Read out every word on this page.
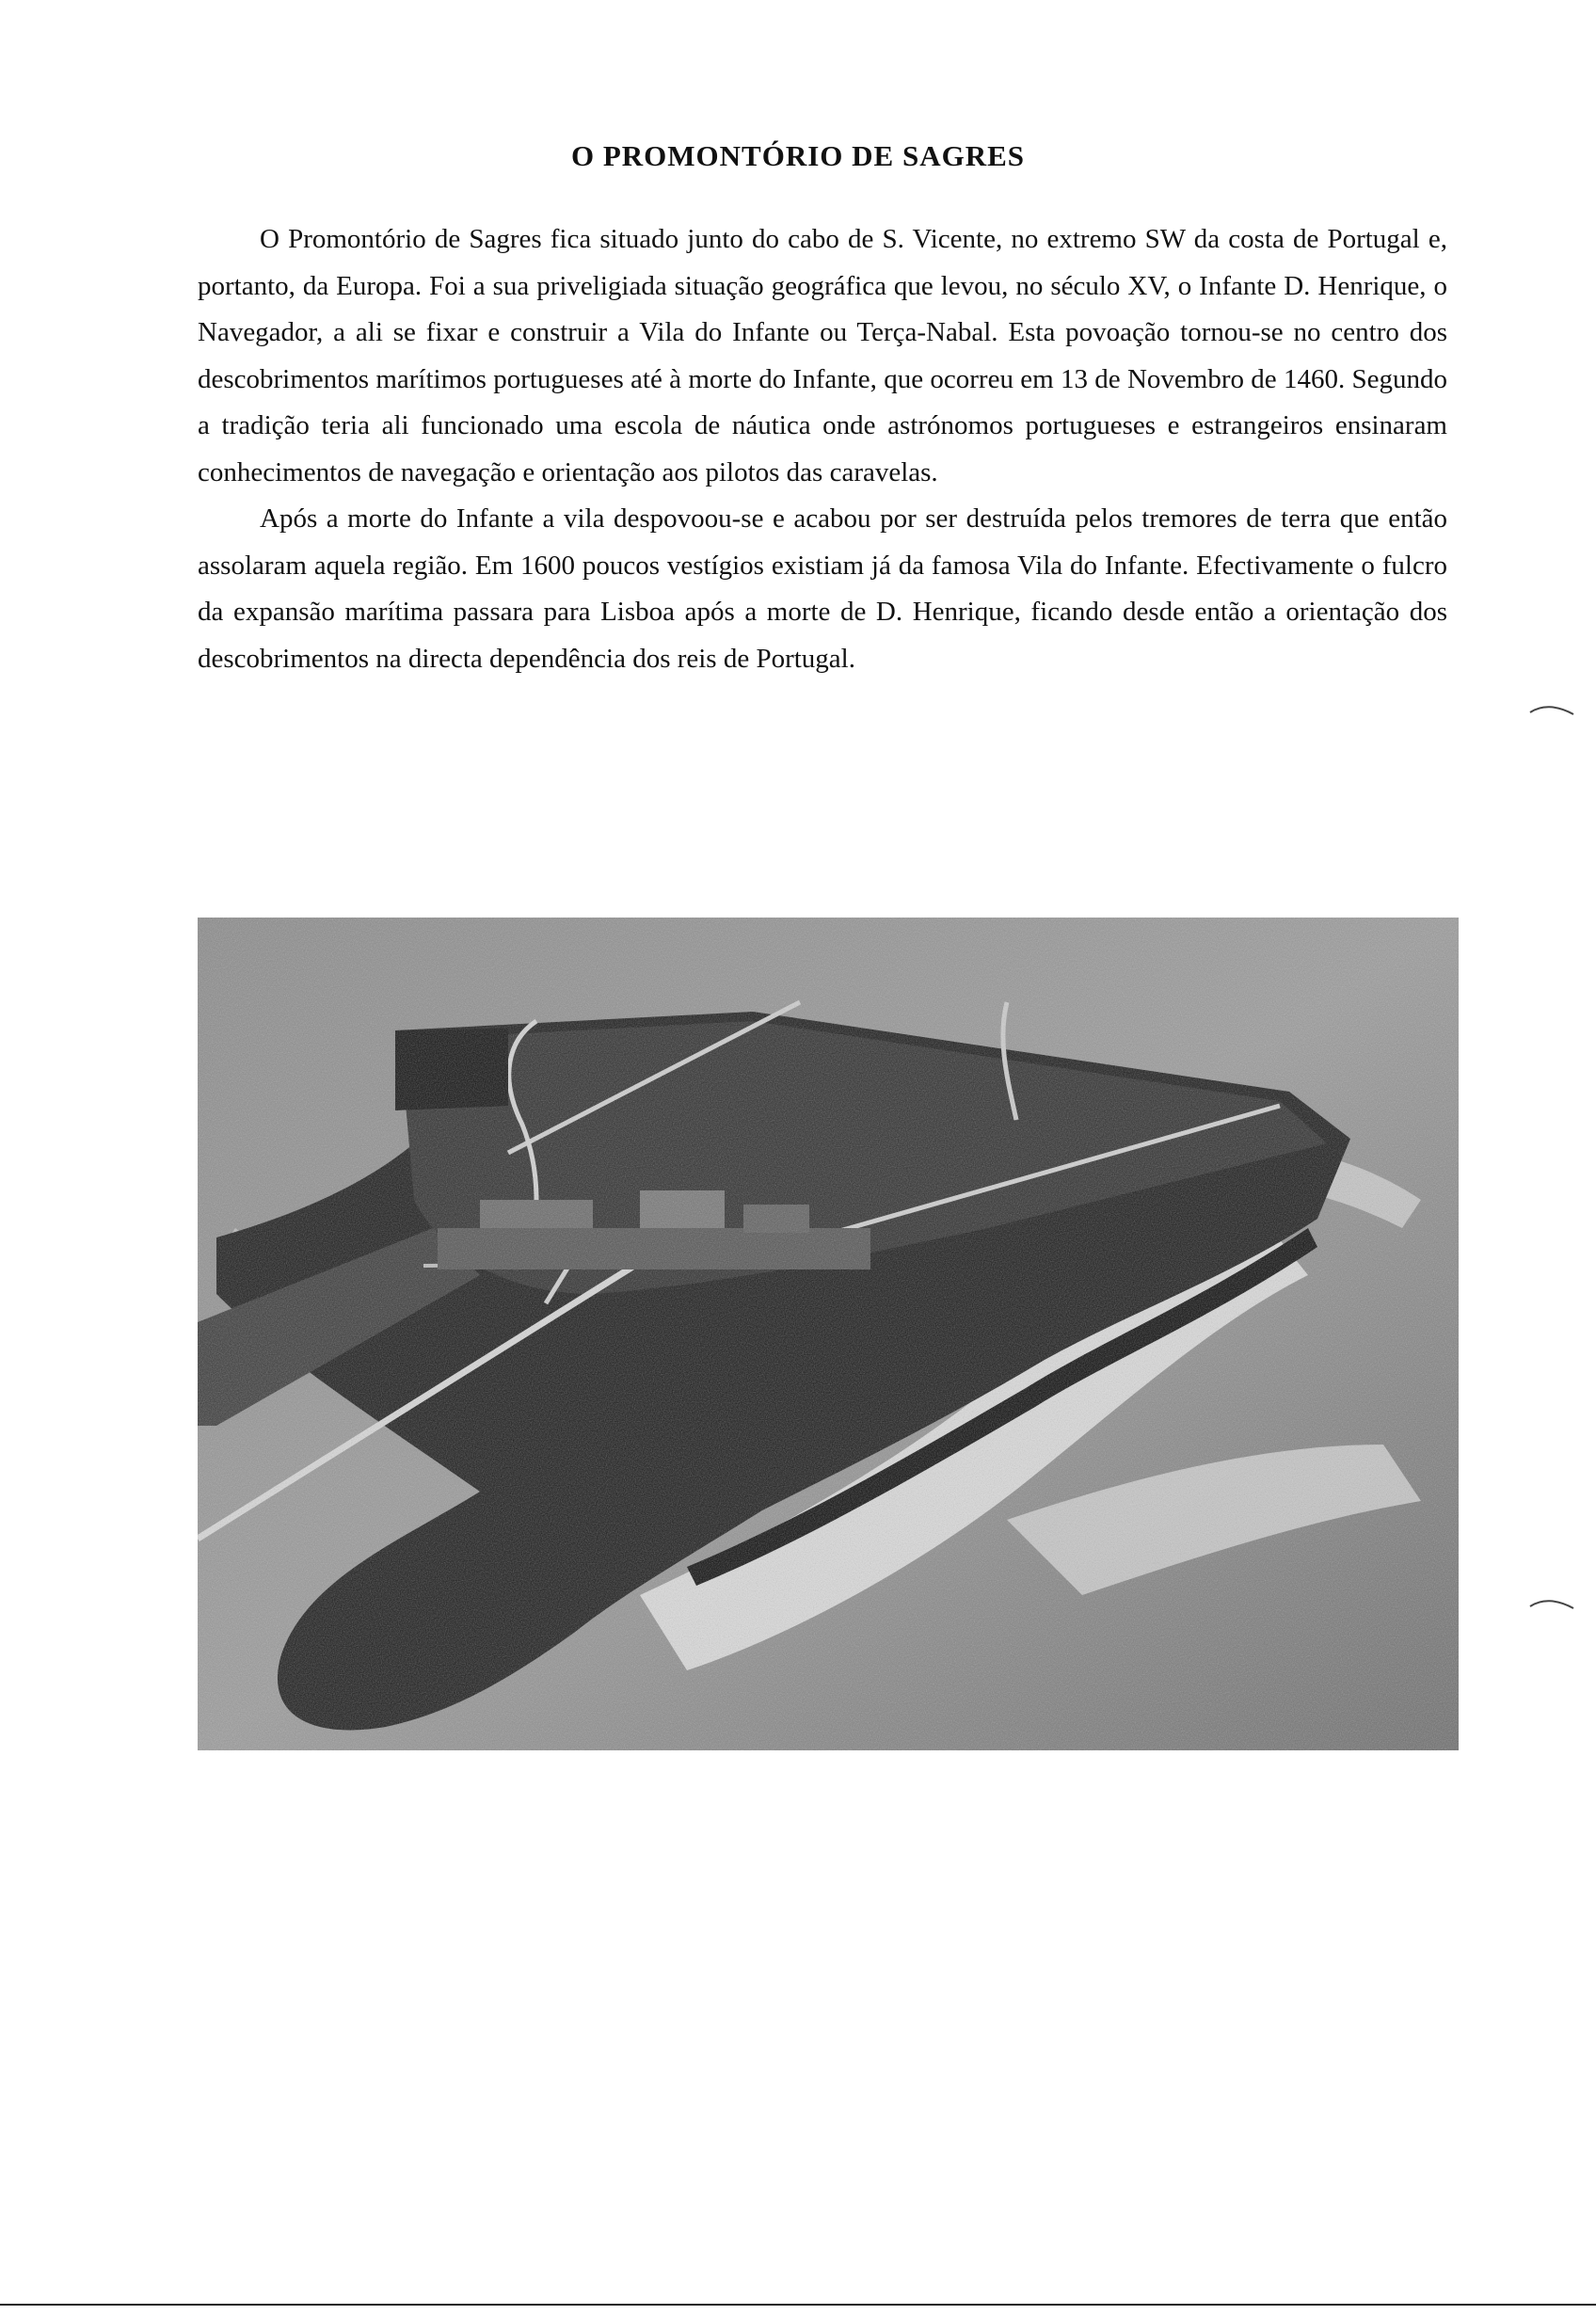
O PROMONTÓRIO DE SAGRES

O Promontório de Sagres fica situado junto do cabo de S. Vicente, no extremo SW da costa de Portugal e, portanto, da Europa. Foi a sua priveligiada situação geográfica que levou, no século XV, o Infante D. Henrique, o Navegador, a ali se fixar e construir a Vila do Infante ou Terça-Nabal. Esta povoação tornou-se no centro dos descobrimentos marítimos portugueses até à morte do Infante, que ocorreu em 13 de Novembro de 1460. Segundo a tradição teria ali funcionado uma escola de náutica onde astrónomos portugueses e estrangeiros ensinaram conhecimentos de navegação e orientação aos pilotos das caravelas.

Após a morte do Infante a vila despovoou-se e acabou por ser destruída pelos tremores de terra que então assolaram aquela região. Em 1600 poucos vestígios existiam já da famosa Vila do Infante. Efectivamente o fulcro da expansão marítima passara para Lisboa após a morte de D. Henrique, ficando desde então a orientação dos descobrimentos na directa dependência dos reis de Portugal.
